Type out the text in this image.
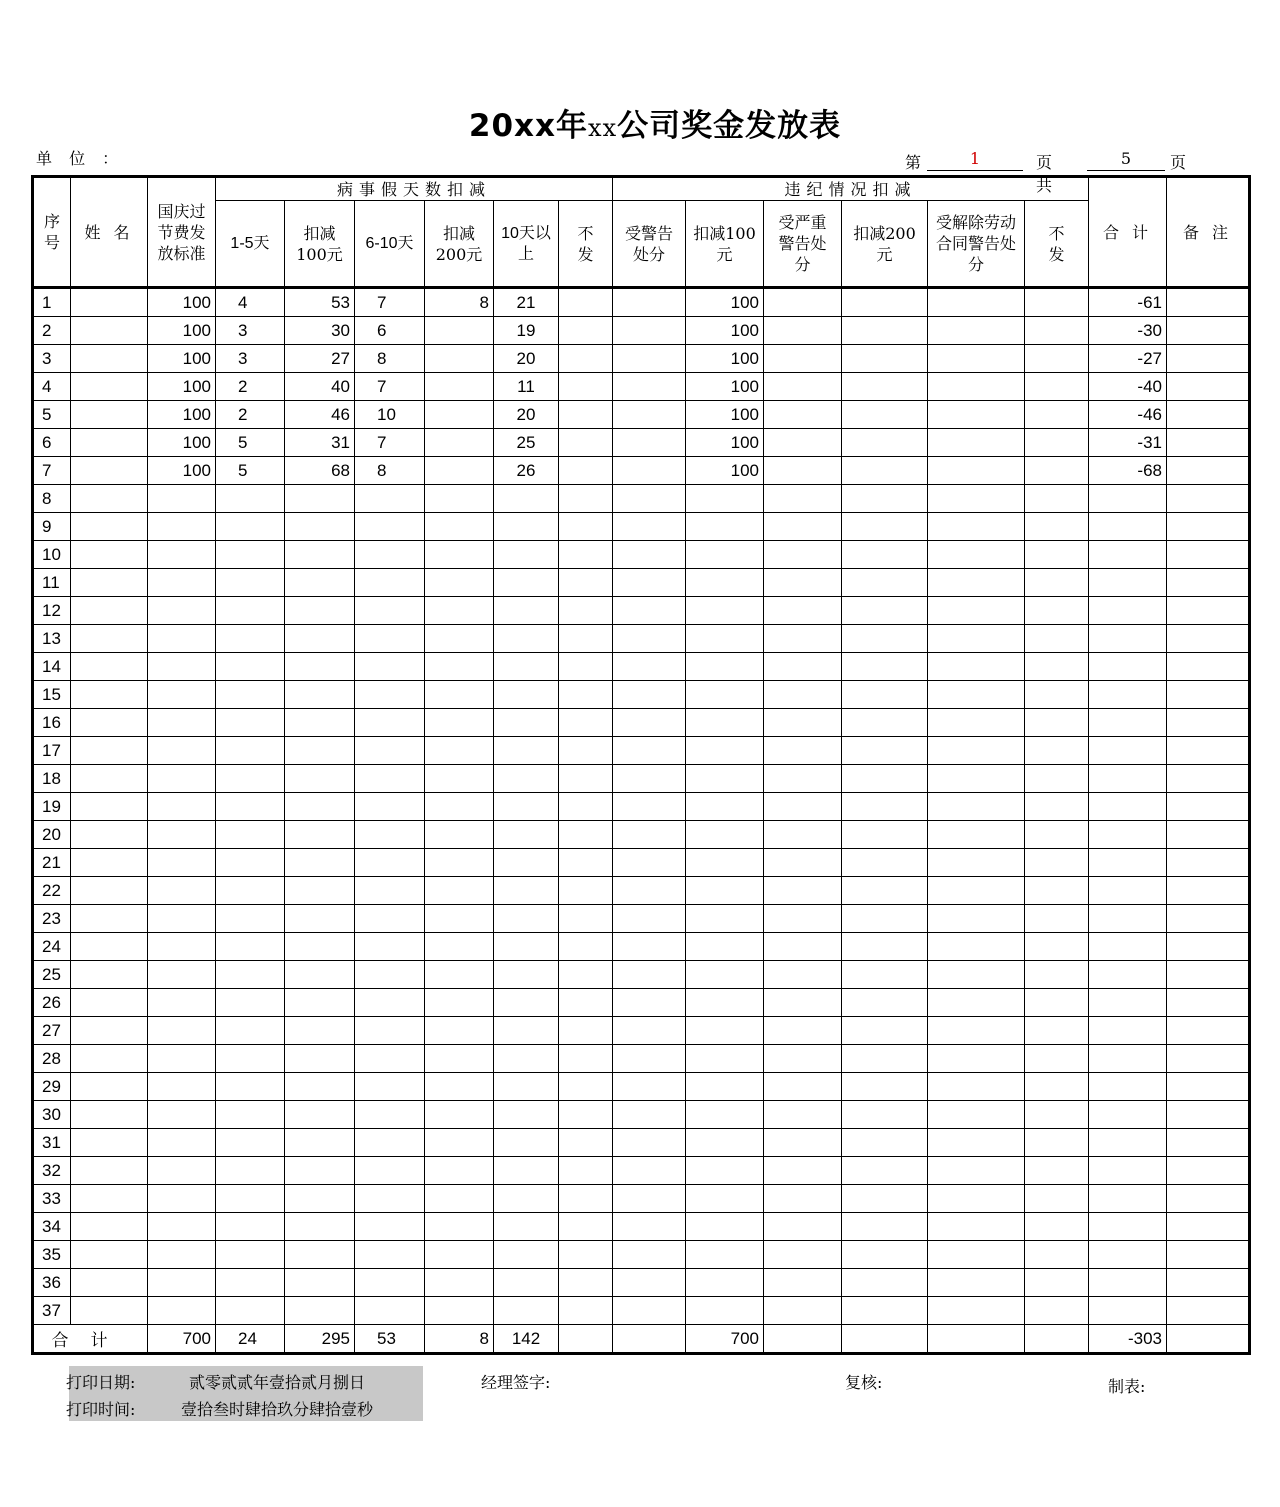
20xx年xx公司奖金发放表
单 位 ：	第	1	页共
5	页
序号	姓 名	国庆过节费发放标准	病事假天数扣减						违纪情况扣减						合 计	备 注
			1-5天	扣减100元	6-10天	扣减200元	10天以上	不发	受警告处分	扣减100元	受严重警告处分	扣减200元	受解除劳动合同警告处分	不发		
1		100	4	53	7	8	21			100					-61	
2		100	3	30	6		19			100					-30	
3		100	3	27	8		20			100					-27	
4		100	2	40	7		11			100					-40	
5		100	2	46	10		20			100					-46	
6		100	5	31	7		25			100					-31	
7		100	5	68	8		26			100					-68	
8																
9																
10																
11																
12																
13																
14																
15																
16																
17																
18																
19																
20																
21																
22																
23																
24																
25																
26																
27																
28																
29																
30																
31																
32																
33																
34																
35																
36																
37																
合计		700	24	295	53	8	142			700					-303	
打印日期:	贰零贰贰年壹拾贰月捌日
打印时间:	壹拾叁时肆拾玖分肆拾壹秒
经理签字:	复核:	制表:
